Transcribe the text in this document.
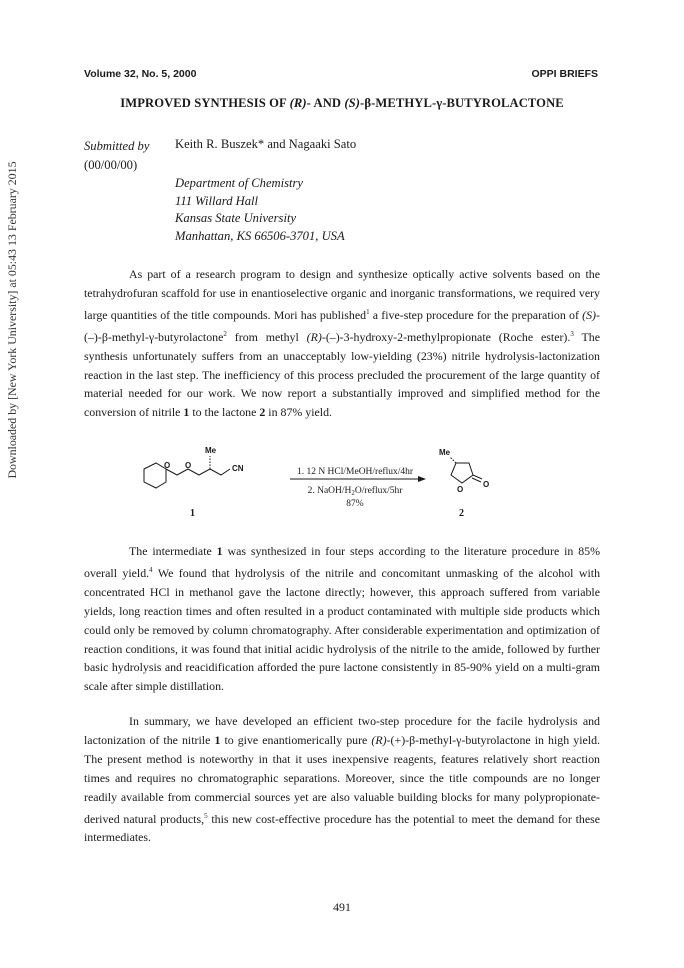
Volume 32, No. 5, 2000	OPPI BRIEFS
IMPROVED SYNTHESIS OF (R)- AND (S)-β-METHYL-γ-BUTYROLACTONE
Submitted by
(00/00/00)
Keith R. Buszek* and Nagaaki Sato
Department of Chemistry
111 Willard Hall
Kansas State University
Manhattan, KS 66506-3701, USA

As part of a research program to design and synthesize optically active solvents based on the tetrahydrofuran scaffold for use in enantioselective organic and inorganic transformations, we required very large quantities of the title compounds. Mori has published$^1$ a five-step procedure for the preparation of (S)-(–)-β-methyl-γ-butyrolactone$^2$ from methyl (R)-(–)-3-hydroxy-2-methylpropionate (Roche ester).$^3$ The synthesis unfortunately suffers from an unacceptably low-yielding (23%) nitrile hydrolysis-lactonization reaction in the last step. The inefficiency of this process precluded the procurement of the large quantity of material needed for our work. We now report a substantially improved and simplified method for the conversion of nitrile 1 to the lactone 2 in 87% yield.

Me
O O	CN
Me
O
O
1. 12 N HCl/MeOH/reflux/4hr
2. NaOH/$H_2O/reflux/5hr$
87%
1	2

The intermediate 1 was synthesized in four steps according to the literature procedure in 85% overall yield.$^4$ We found that hydrolysis of the nitrile and concomitant unmasking of the alcohol with concentrated HCl in methanol gave the lactone directly; however, this approach suffered from variable yields, long reaction times and often resulted in a product contaminated with multiple side products which could only be removed by column chromatography. After considerable experimentation and optimization of reaction conditions, it was found that initial acidic hydrolysis of the nitrile to the amide, followed by further basic hydrolysis and reacidification afforded the pure lactone consistently in 85-90% yield on a multi-gram scale after simple distillation.

In summary, we have developed an efficient two-step procedure for the facile hydrolysis and lactonization of the nitrile 1 to give enantiomerically pure (R)-(+)-β-methyl-γ-butyrolactone in high yield. The present method is noteworthy in that it uses inexpensive reagents, features relatively short reaction times and requires no chromatographic separations. Moreover, since the title compounds are no longer readily available from commercial sources yet are also valuable building blocks for many polypropionate-derived natural products,$^5$ this new cost-effective procedure has the potential to meet the demand for these intermediates.

491
Downloaded by [New York University] at 05:43 13 February 2015
